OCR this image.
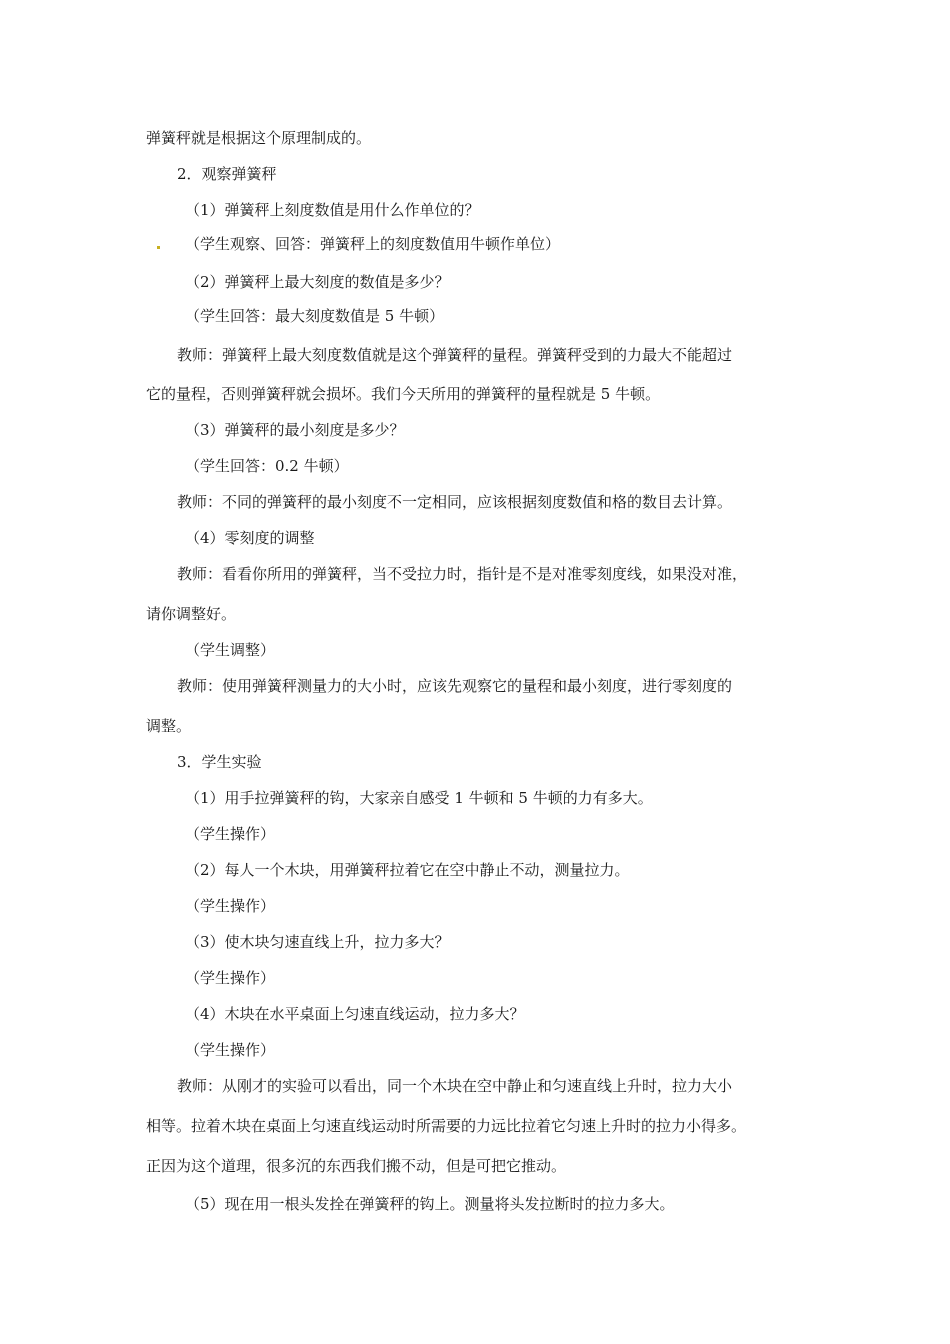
弹簧秤就是根据这个原理制成的。
2．观察弹簧秤
（1）弹簧秤上刻度数值是用什么作单位的？
（学生观察、回答：弹簧秤上的刻度数值用牛顿作单位）
（2）弹簧秤上最大刻度的数值是多少？
（学生回答：最大刻度数值是 5 牛顿）
教师：弹簧秤上最大刻度数值就是这个弹簧秤的量程。弹簧秤受到的力最大不能超过
它的量程，否则弹簧秤就会损坏。我们今天所用的弹簧秤的量程就是 5 牛顿。
（3）弹簧秤的最小刻度是多少？
（学生回答：0.2 牛顿）
教师：不同的弹簧秤的最小刻度不一定相同，应该根据刻度数值和格的数目去计算。
（4）零刻度的调整
教师：看看你所用的弹簧秤，当不受拉力时，指针是不是对准零刻度线，如果没对准，
请你调整好。
（学生调整）
教师：使用弹簧秤测量力的大小时，应该先观察它的量程和最小刻度，进行零刻度的
调整。
3．学生实验
（1）用手拉弹簧秤的钩，大家亲自感受 1 牛顿和 5 牛顿的力有多大。
（学生操作）
（2）每人一个木块，用弹簧秤拉着它在空中静止不动，测量拉力。
（学生操作）
（3）使木块匀速直线上升，拉力多大？
（学生操作）
（4）木块在水平桌面上匀速直线运动，拉力多大？
（学生操作）
教师：从刚才的实验可以看出，同一个木块在空中静止和匀速直线上升时，拉力大小
相等。拉着木块在桌面上匀速直线运动时所需要的力远比拉着它匀速上升时的拉力小得多。
正因为这个道理，很多沉的东西我们搬不动，但是可把它推动。
（5）现在用一根头发拴在弹簧秤的钩上。测量将头发拉断时的拉力多大。
